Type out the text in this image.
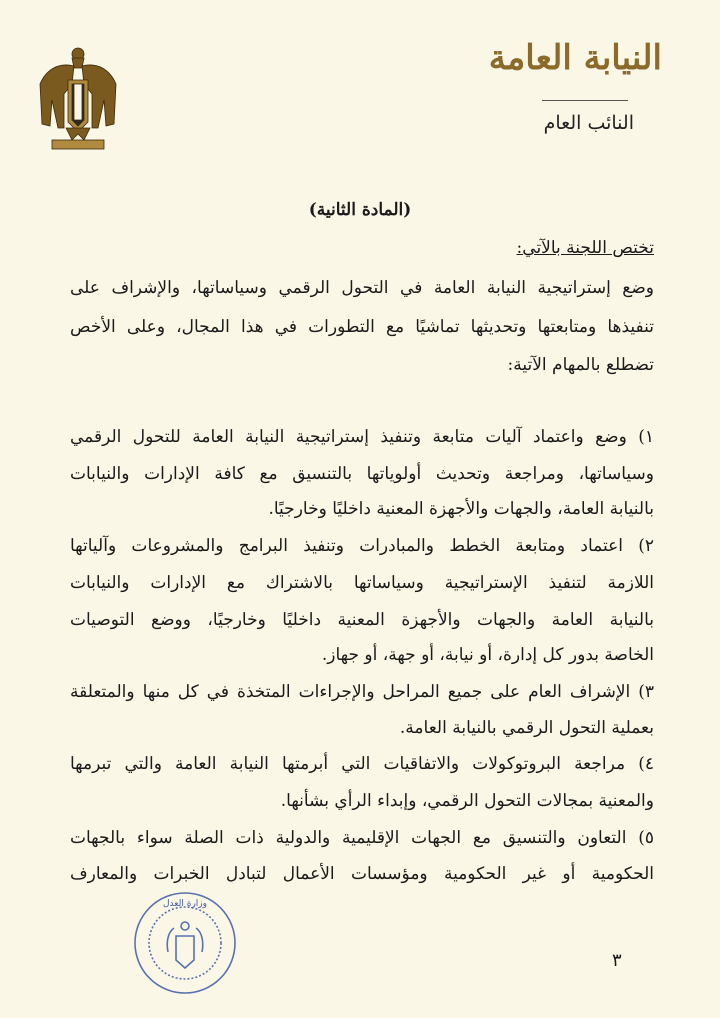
النيابة العامة
النائب العام
(المادة الثانية)
تختص اللجنة بالآتي:
وضع إستراتيجية النيابة العامة في التحول الرقمي وسياساتها، والإشراف على
تنفيذها ومتابعتها وتحديثها تماشيًا مع التطورات في هذا المجال، وعلى الأخص
تضطلع بالمهام الآتية:
١) وضع واعتماد آليات متابعة وتنفيذ إستراتيجية النيابة العامة للتحول الرقمي
وسياساتها، ومراجعة وتحديث أولوياتها بالتنسيق مع كافة الإدارات والنيابات
بالنيابة العامة، والجهات والأجهزة المعنية داخليًا وخارجيًا.
٢) اعتماد ومتابعة الخطط والمبادرات وتنفيذ البرامج والمشروعات وآلياتها
اللازمة لتنفيذ الإستراتيجية وسياساتها بالاشتراك مع الإدارات والنيابات
بالنيابة العامة والجهات والأجهزة المعنية داخليًا وخارجيًا، ووضع التوصيات
الخاصة بدور كل إدارة، أو نيابة، أو جهة، أو جهاز.
٣) الإشراف العام على جميع المراحل والإجراءات المتخذة في كل منها والمتعلقة
بعملية التحول الرقمي بالنيابة العامة.
٤) مراجعة البروتوكولات والاتفاقيات التي أبرمتها النيابة العامة والتي تبرمها
والمعنية بمجالات التحول الرقمي، وإبداء الرأي بشأنها.
٥) التعاون والتنسيق مع الجهات الإقليمية والدولية ذات الصلة سواء بالجهات
الحكومية أو غير الحكومية ومؤسسات الأعمال لتبادل الخبرات والمعارف
وزارة العدل
٣
